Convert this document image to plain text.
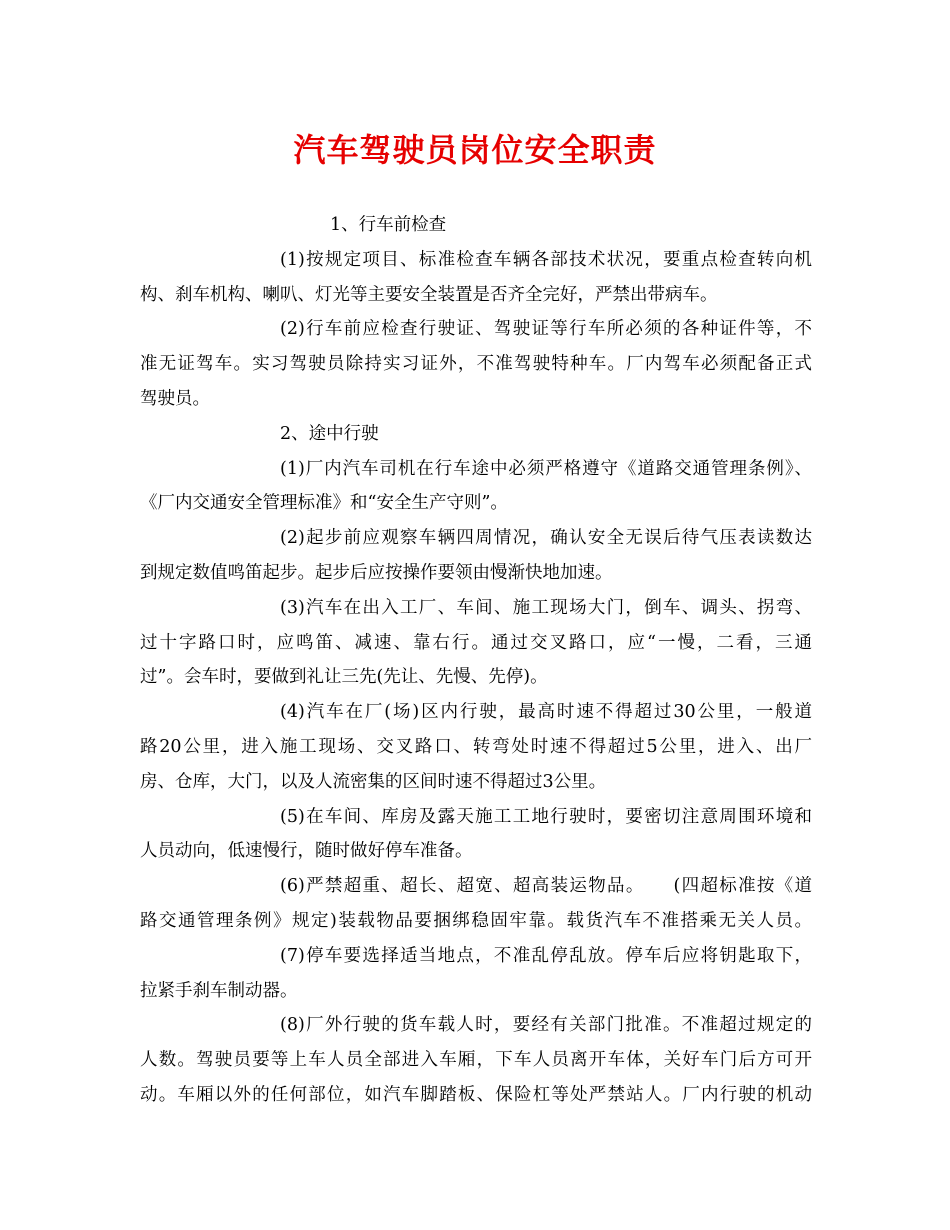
汽车驾驶员岗位安全职责
1、行车前检查
(1)按规定项目、标准检查车辆各部技术状况，要重点检查转向机
构、刹车机构、喇叭、灯光等主要安全装置是否齐全完好，严禁出带病车。
(2)行车前应检查行驶证、驾驶证等行车所必须的各种证件等，不
准无证驾车。实习驾驶员除持实习证外，不准驾驶特种车。厂内驾车必须配备正式
驾驶员。
2、途中行驶
(1)厂内汽车司机在行车途中必须严格遵守《道路交通管理条例》、
《厂内交通安全管理标准》和“安全生产守则”。
(2)起步前应观察车辆四周情况，确认安全无误后待气压表读数达
到规定数值鸣笛起步。起步后应按操作要领由慢渐快地加速。
(3)汽车在出入工厂、车间、施工现场大门，倒车、调头、拐弯、
过十字路口时，应鸣笛、减速、靠右行。通过交叉路口，应“一慢，二看，三通
过”。会车时，要做到礼让三先(先让、先慢、先停)。
(4)汽车在厂(场)区内行驶，最高时速不得超过30公里，一般道
路20公里，进入施工现场、交叉路口、转弯处时速不得超过5公里，进入、出厂
房、仓库，大门，以及人流密集的区间时速不得超过3公里。
(5)在车间、库房及露天施工工地行驶时，要密切注意周围环境和
人员动向，低速慢行，随时做好停车准备。
(6)严禁超重、超长、超宽、超高装运物品。　　(四超标准按《道
路交通管理条例》规定)装载物品要捆绑稳固牢靠。载货汽车不准搭乘无关人员。
(7)停车要选择适当地点，不准乱停乱放。停车后应将钥匙取下，
拉紧手刹车制动器。
(8)厂外行驶的货车载人时，要经有关部门批准。不准超过规定的
人数。驾驶员要等上车人员全部进入车厢，下车人员离开车体，关好车门后方可开
动。车厢以外的任何部位，如汽车脚踏板、保险杠等处严禁站人。厂内行驶的机动
